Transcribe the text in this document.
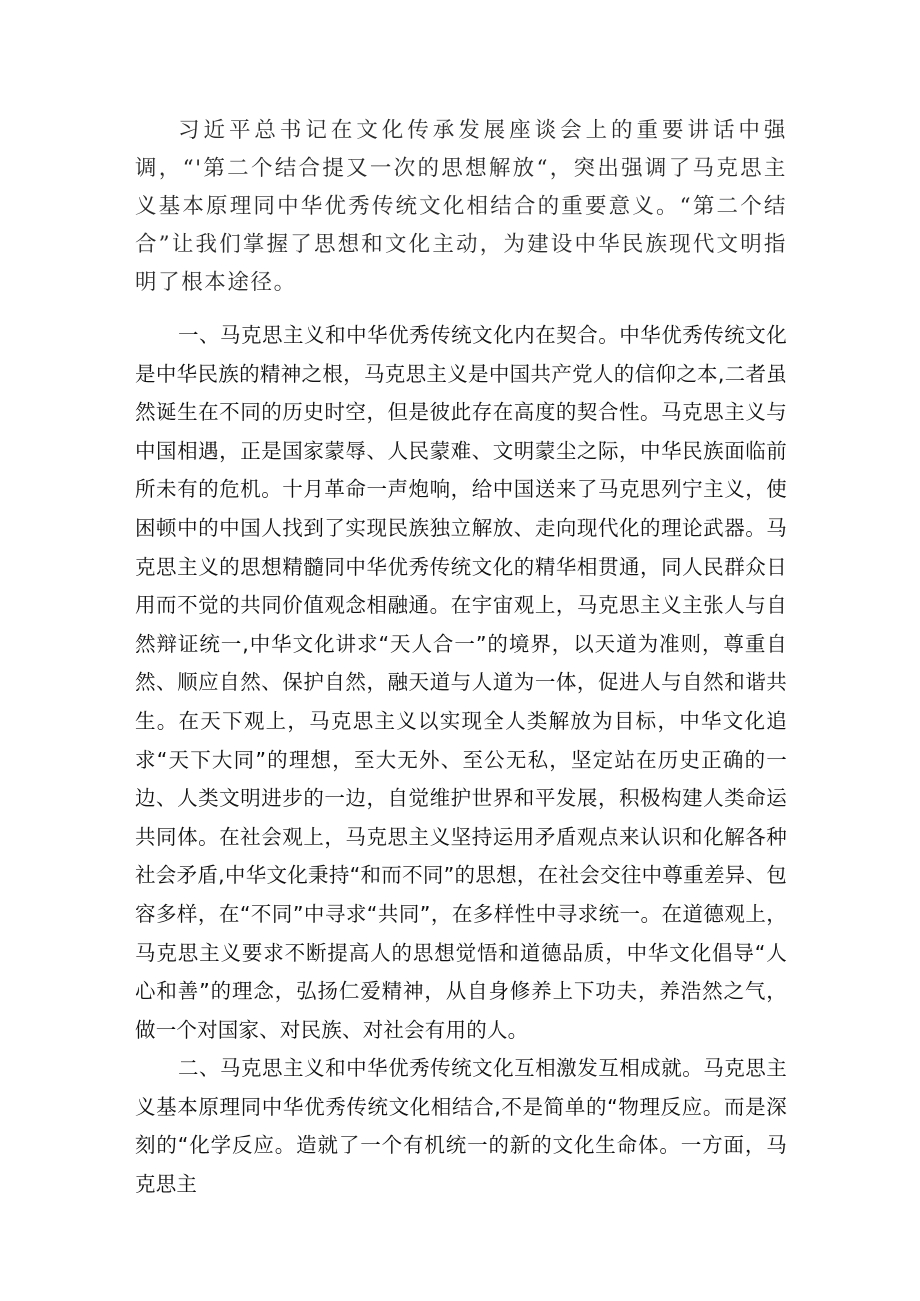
习近平总书记在文化传承发展座谈会上的重要讲话中强调，“'第二个结合提又一次的思想解放“，突出强调了马克思主义基本原理同中华优秀传统文化相结合的重要意义。“第二个结合”让我们掌握了思想和文化主动，为建设中华民族现代文明指明了根本途径。

一、马克思主义和中华优秀传统文化内在契合。中华优秀传统文化是中华民族的精神之根，马克思主义是中国共产党人的信仰之本,二者虽然诞生在不同的历史时空，但是彼此存在高度的契合性。马克思主义与中国相遇，正是国家蒙辱、人民蒙难、文明蒙尘之际，中华民族面临前所未有的危机。十月革命一声炮响，给中国送来了马克思列宁主义，使困顿中的中国人找到了实现民族独立解放、走向现代化的理论武器。马克思主义的思想精髓同中华优秀传统文化的精华相贯通，同人民群众日用而不觉的共同价值观念相融通。在宇宙观上，马克思主义主张人与自然辩证统一,中华文化讲求“天人合一”的境界，以天道为准则，尊重自然、顺应自然、保护自然，融天道与人道为一体，促进人与自然和谐共生。在天下观上，马克思主义以实现全人类解放为目标，中华文化追求“天下大同”的理想，至大无外、至公无私，坚定站在历史正确的一边、人类文明进步的一边，自觉维护世界和平发展，积极构建人类命运共同体。在社会观上，马克思主义坚持运用矛盾观点来认识和化解各种社会矛盾,中华文化秉持“和而不同”的思想，在社会交往中尊重差异、包容多样，在“不同”中寻求“共同”，在多样性中寻求统一。在道德观上，马克思主义要求不断提高人的思想觉悟和道德品质，中华文化倡导“人心和善”的理念，弘扬仁爱精神，从自身修养上下功夫，养浩然之气，做一个对国家、对民族、对社会有用的人。

二、马克思主义和中华优秀传统文化互相激发互相成就。马克思主义基本原理同中华优秀传统文化相结合,不是简单的“物理反应。而是深刻的“化学反应。造就了一个有机统一的新的文化生命体。一方面，马克思主
